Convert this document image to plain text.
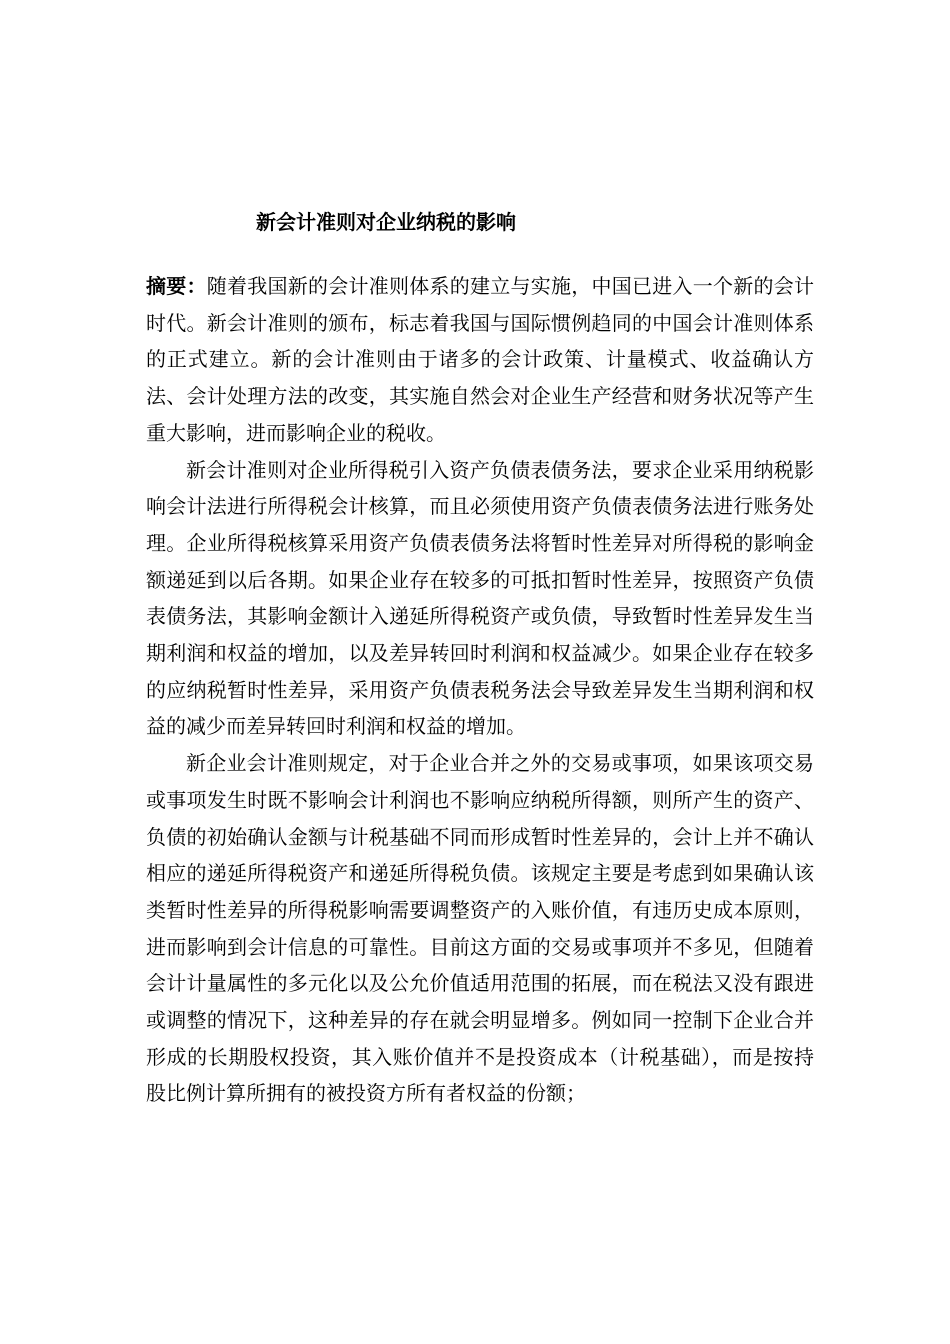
新会计准则对企业纳税的影响

摘要：随着我国新的会计准则体系的建立与实施，中国已进入一个新的会计时代。新会计准则的颁布，标志着我国与国际惯例趋同的中国会计准则体系的正式建立。新的会计准则由于诸多的会计政策、计量模式、收益确认方法、会计处理方法的改变，其实施自然会对企业生产经营和财务状况等产生重大影响，进而影响企业的税收。

新会计准则对企业所得税引入资产负债表债务法，要求企业采用纳税影响会计法进行所得税会计核算，而且必须使用资产负债表债务法进行账务处理。企业所得税核算采用资产负债表债务法将暂时性差异对所得税的影响金额递延到以后各期。如果企业存在较多的可抵扣暂时性差异，按照资产负债表债务法，其影响金额计入递延所得税资产或负债，导致暂时性差异发生当期利润和权益的增加，以及差异转回时利润和权益减少。如果企业存在较多的应纳税暂时性差异，采用资产负债表税务法会导致差异发生当期利润和权益的减少而差异转回时利润和权益的增加。

新企业会计准则规定，对于企业合并之外的交易或事项，如果该项交易或事项发生时既不影响会计利润也不影响应纳税所得额，则所产生的资产、负债的初始确认金额与计税基础不同而形成暂时性差异的，会计上并不确认相应的递延所得税资产和递延所得税负债。该规定主要是考虑到如果确认该类暂时性差异的所得税影响需要调整资产的入账价值，有违历史成本原则，进而影响到会计信息的可靠性。目前这方面的交易或事项并不多见，但随着会计计量属性的多元化以及公允价值适用范围的拓展，而在税法又没有跟进或调整的情况下，这种差异的存在就会明显增多。例如同一控制下企业合并形成的长期股权投资，其入账价值并不是投资成本（计税基础），而是按持股比例计算所拥有的被投资方所有者权益的份额；
